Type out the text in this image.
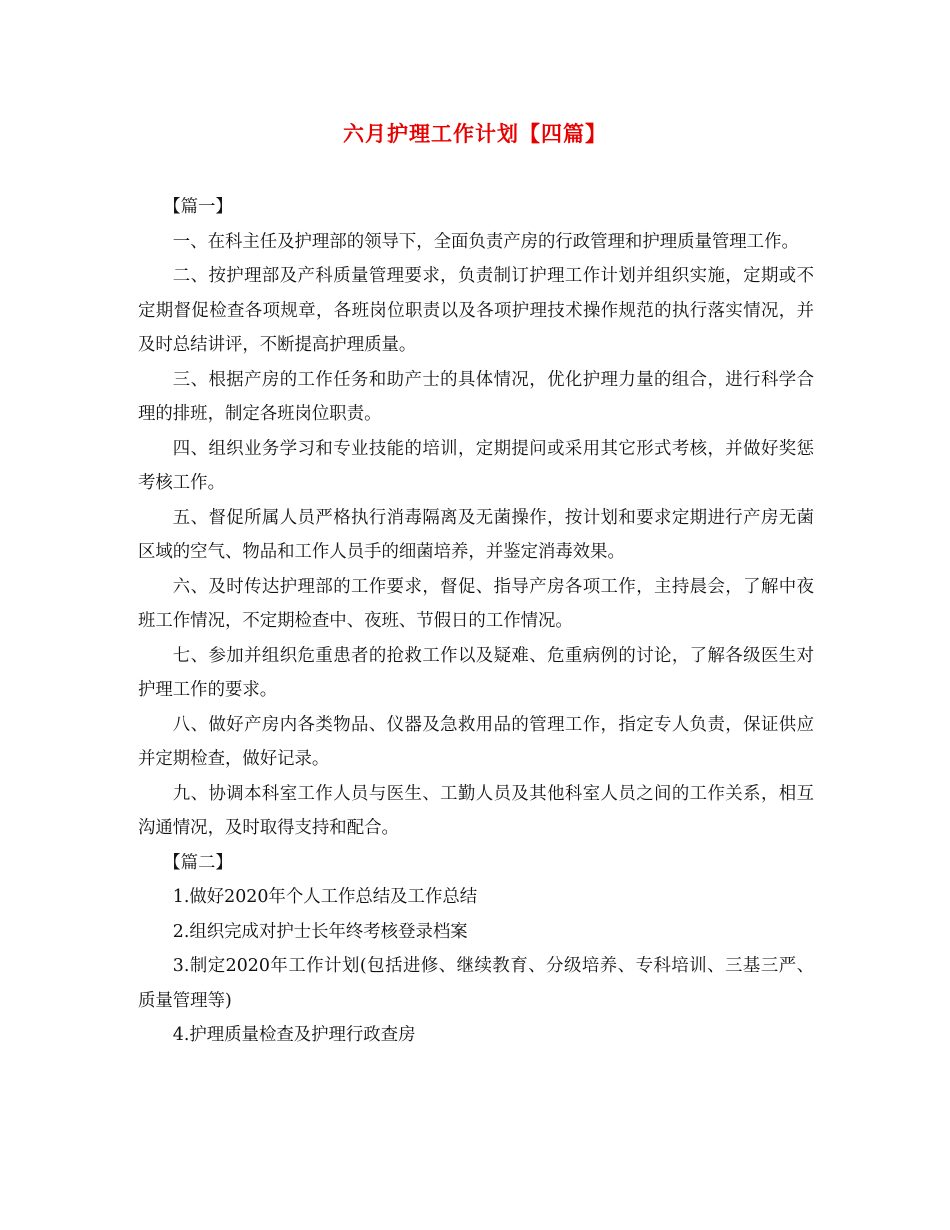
六月护理工作计划【四篇】

【篇一】

一、在科主任及护理部的领导下，全面负责产房的行政管理和护理质量管理工作。

二、按护理部及产科质量管理要求，负责制订护理工作计划并组织实施，定期或不定期督促检查各项规章，各班岗位职责以及各项护理技术操作规范的执行落实情况，并及时总结讲评，不断提高护理质量。

三、根据产房的工作任务和助产士的具体情况，优化护理力量的组合，进行科学合理的排班，制定各班岗位职责。

四、组织业务学习和专业技能的培训，定期提问或采用其它形式考核，并做好奖惩考核工作。

五、督促所属人员严格执行消毒隔离及无菌操作，按计划和要求定期进行产房无菌区域的空气、物品和工作人员手的细菌培养，并鉴定消毒效果。

六、及时传达护理部的工作要求，督促、指导产房各项工作，主持晨会，了解中夜班工作情况，不定期检查中、夜班、节假日的工作情况。

七、参加并组织危重患者的抢救工作以及疑难、危重病例的讨论，了解各级医生对护理工作的要求。

八、做好产房内各类物品、仪器及急救用品的管理工作，指定专人负责，保证供应并定期检查，做好记录。

九、协调本科室工作人员与医生、工勤人员及其他科室人员之间的工作关系，相互沟通情况，及时取得支持和配合。

【篇二】

1.做好2020年个人工作总结及工作总结

2.组织完成对护士长年终考核登录档案

3.制定2020年工作计划(包括进修、继续教育、分级培养、专科培训、三基三严、质量管理等)

4.护理质量检查及护理行政查房
